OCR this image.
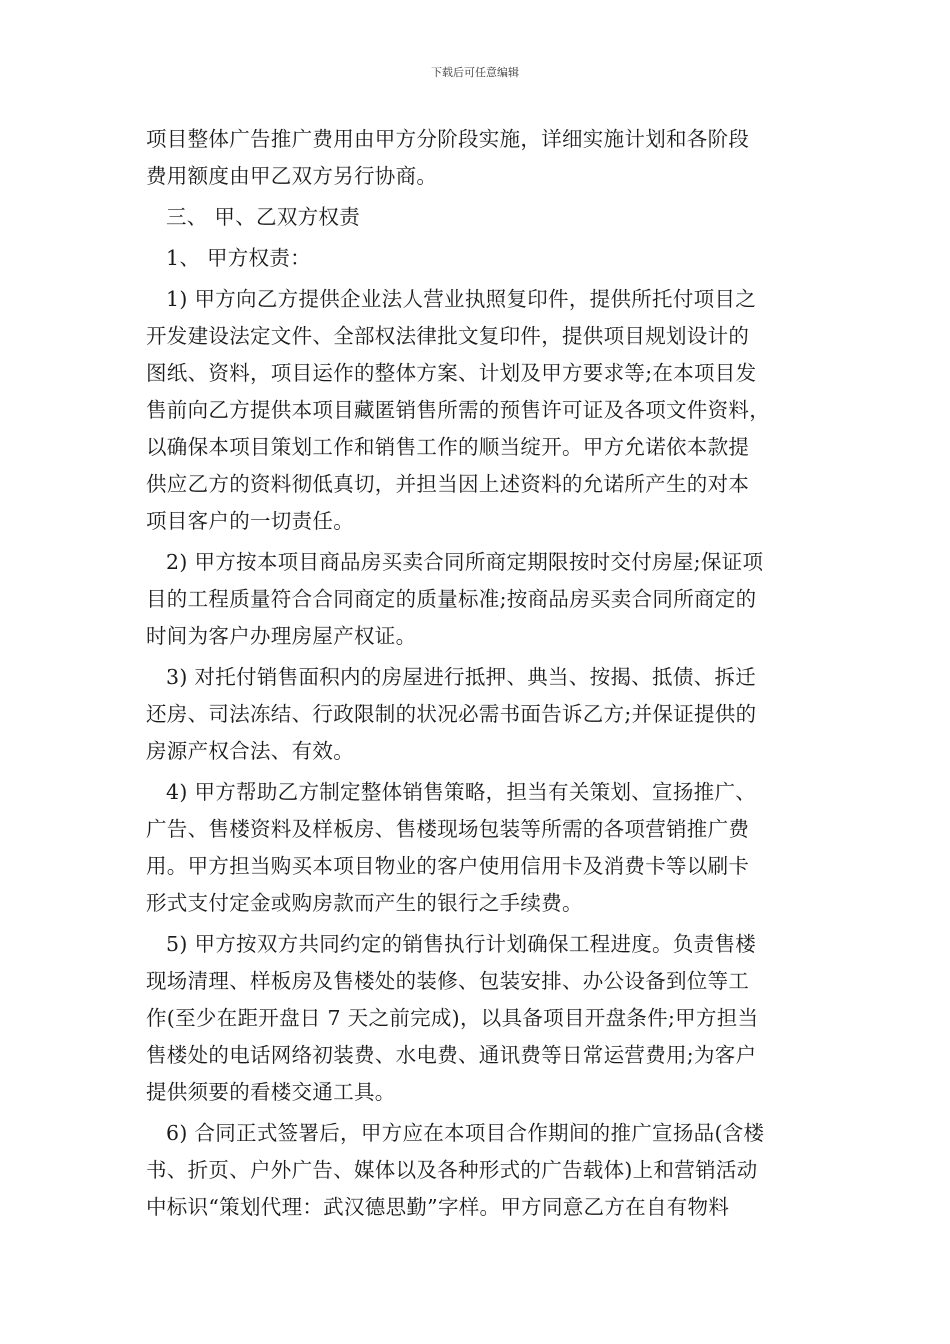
下载后可任意编辑

项目整体广告推广费用由甲方分阶段实施，详细实施计划和各阶段
费用额度由甲乙双方另行协商。

三、 甲、乙双方权责

1、 甲方权责：

1) 甲方向乙方提供企业法人营业执照复印件，提供所托付项目之
开发建设法定文件、全部权法律批文复印件，提供项目规划设计的
图纸、资料，项目运作的整体方案、计划及甲方要求等;在本项目发
售前向乙方提供本项目藏匿销售所需的预售许可证及各项文件资料，
以确保本项目策划工作和销售工作的顺当绽开。甲方允诺依本款提
供应乙方的资料彻低真切，并担当因上述资料的允诺所产生的对本
项目客户的一切责任。

2) 甲方按本项目商品房买卖合同所商定期限按时交付房屋;保证项
目的工程质量符合合同商定的质量标准;按商品房买卖合同所商定的
时间为客户办理房屋产权证。

3) 对托付销售面积内的房屋进行抵押、典当、按揭、抵债、拆迁
还房、司法冻结、行政限制的状况必需书面告诉乙方;并保证提供的
房源产权合法、有效。

4) 甲方帮助乙方制定整体销售策略，担当有关策划、宣扬推广、
广告、售楼资料及样板房、售楼现场包装等所需的各项营销推广费
用。甲方担当购买本项目物业的客户使用信用卡及消费卡等以刷卡
形式支付定金或购房款而产生的银行之手续费。

5) 甲方按双方共同约定的销售执行计划确保工程进度。负责售楼
现场清理、样板房及售楼处的装修、包装安排、办公设备到位等工
作(至少在距开盘日 7 天之前完成)，以具备项目开盘条件;甲方担当
售楼处的电话网络初装费、水电费、通讯费等日常运营费用;为客户
提供须要的看楼交通工具。

6) 合同正式签署后，甲方应在本项目合作期间的推广宣扬品(含楼
书、折页、户外广告、媒体以及各种形式的广告载体)上和营销活动
中标识“策划代理：武汉德思勤”字样。甲方同意乙方在自有物料
